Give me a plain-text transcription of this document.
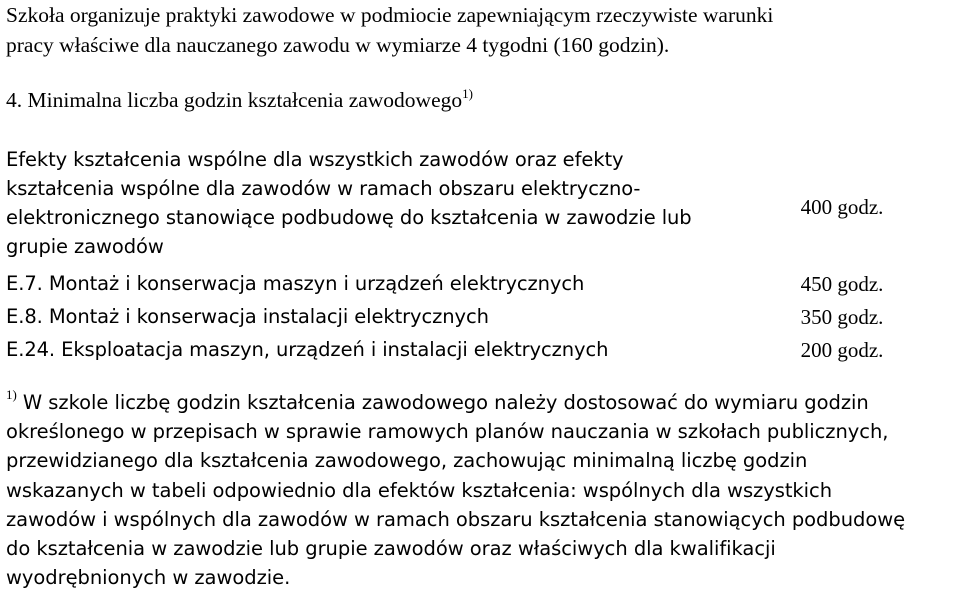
Szkoła organizuje praktyki zawodowe w podmiocie zapewniającym rzeczywiste warunki
pracy właściwe dla nauczanego zawodu w wymiarze 4 tygodni (160 godzin).
4. Minimalna liczba godzin kształcenia zawodowego$^{1)}$
Efekty kształcenia wspólne dla wszystkich zawodów oraz efekty
kształcenia wspólne dla zawodów w ramach obszaru elektryczno-
elektronicznego stanowiące podbudowę do kształcenia w zawodzie lub
grupie zawodów	400 godz.
E.7. Montaż i konserwacja maszyn i urządzeń elektrycznych	450 godz.
E.8. Montaż i konserwacja instalacji elektrycznych	350 godz.
E.24. Eksploatacja maszyn, urządzeń i instalacji elektrycznych	200 godz.
$^{1)}$ W szkole liczbę godzin kształcenia zawodowego należy dostosować do wymiaru godzin
określonego w przepisach w sprawie ramowych planów nauczania w szkołach publicznych,
przewidzianego dla kształcenia zawodowego, zachowując minimalną liczbę godzin
wskazanych w tabeli odpowiednio dla efektów kształcenia: wspólnych dla wszystkich
zawodów i wspólnych dla zawodów w ramach obszaru kształcenia stanowiących podbudowę
do kształcenia w zawodzie lub grupie zawodów oraz właściwych dla kwalifikacji
wyodrębnionych w zawodzie.
